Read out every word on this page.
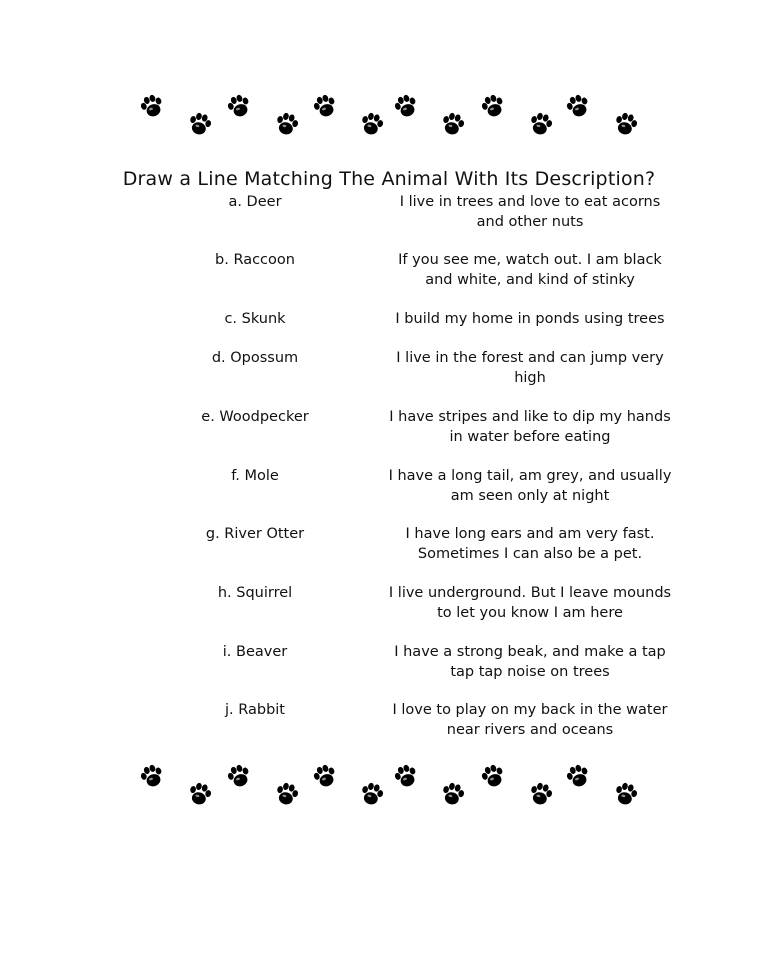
Draw a Line Matching The Animal With Its Description?
a. Deer	I live in trees and love to eat acorns and other nuts
b. Raccoon	If you see me, watch out. I am black and white, and kind of stinky
c. Skunk	I build my home in ponds using trees
d. Opossum	I live in the forest and can jump very high
e. Woodpecker	I have stripes and like to dip my hands in water before eating
f. Mole	I have a long tail, am grey, and usually am seen only at night
g. River Otter	I have long ears and am very fast. Sometimes I can also be a pet.
h. Squirrel	I live underground. But I leave mounds to let you know I am here
i. Beaver	I have a strong beak, and make a tap tap tap noise on trees
j. Rabbit	I love to play on my back in the water near rivers and oceans
